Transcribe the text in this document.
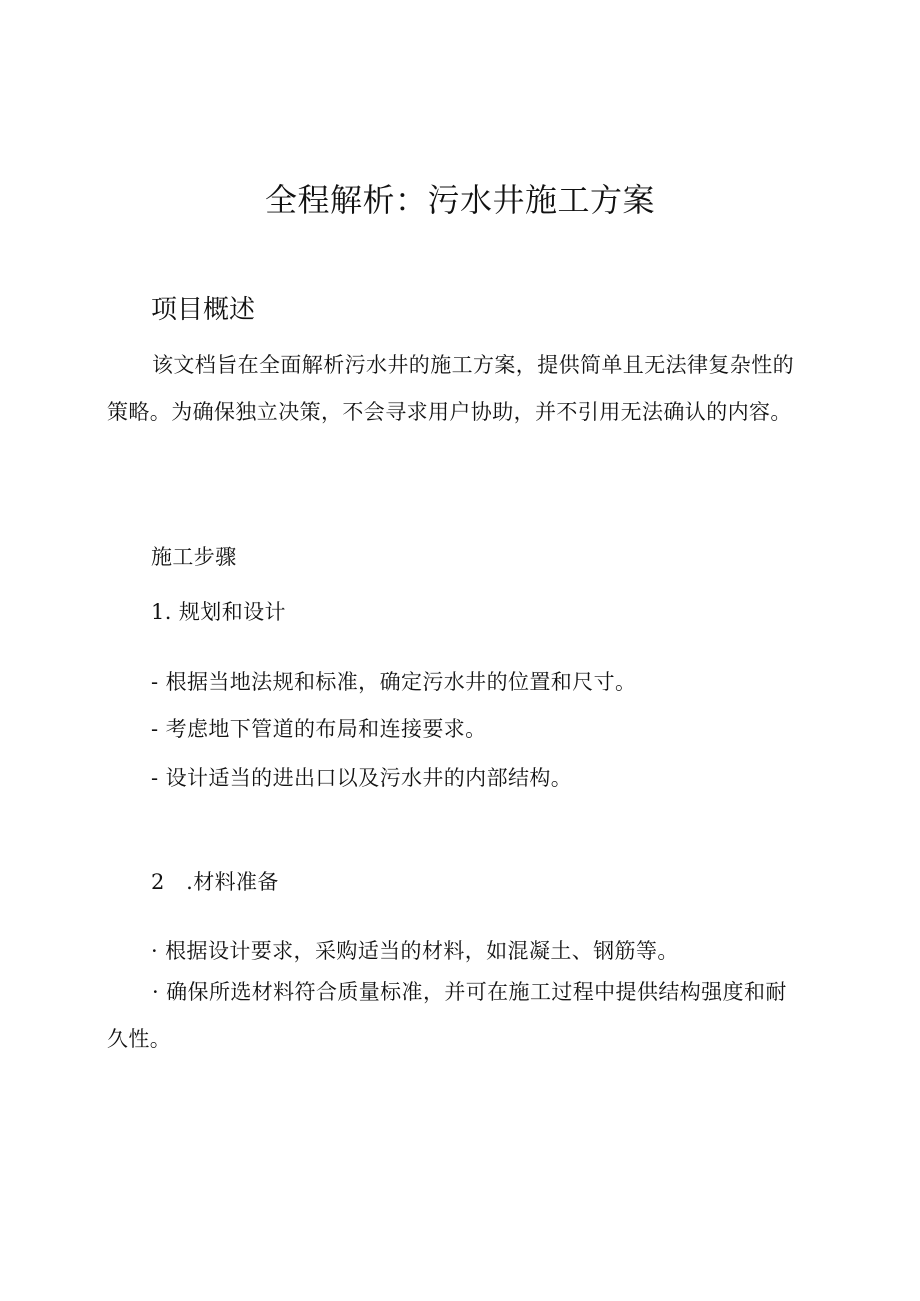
全程解析：污水井施工方案
项目概述

该文档旨在全面解析污水井的施工方案，提供简单且无法律复杂性的策略。为确保独立决策，不会寻求用户协助，并不引用无法确认的内容。

施工步骤
1. 规划和设计
- 根据当地法规和标准，确定污水井的位置和尺寸。
- 考虑地下管道的布局和连接要求。
- 设计适当的进出口以及污水井的内部结构。
2　.材料准备
· 根据设计要求，采购适当的材料，如混凝土、钢筋等。

· 确保所选材料符合质量标准，并可在施工过程中提供结构强度和耐久性。
